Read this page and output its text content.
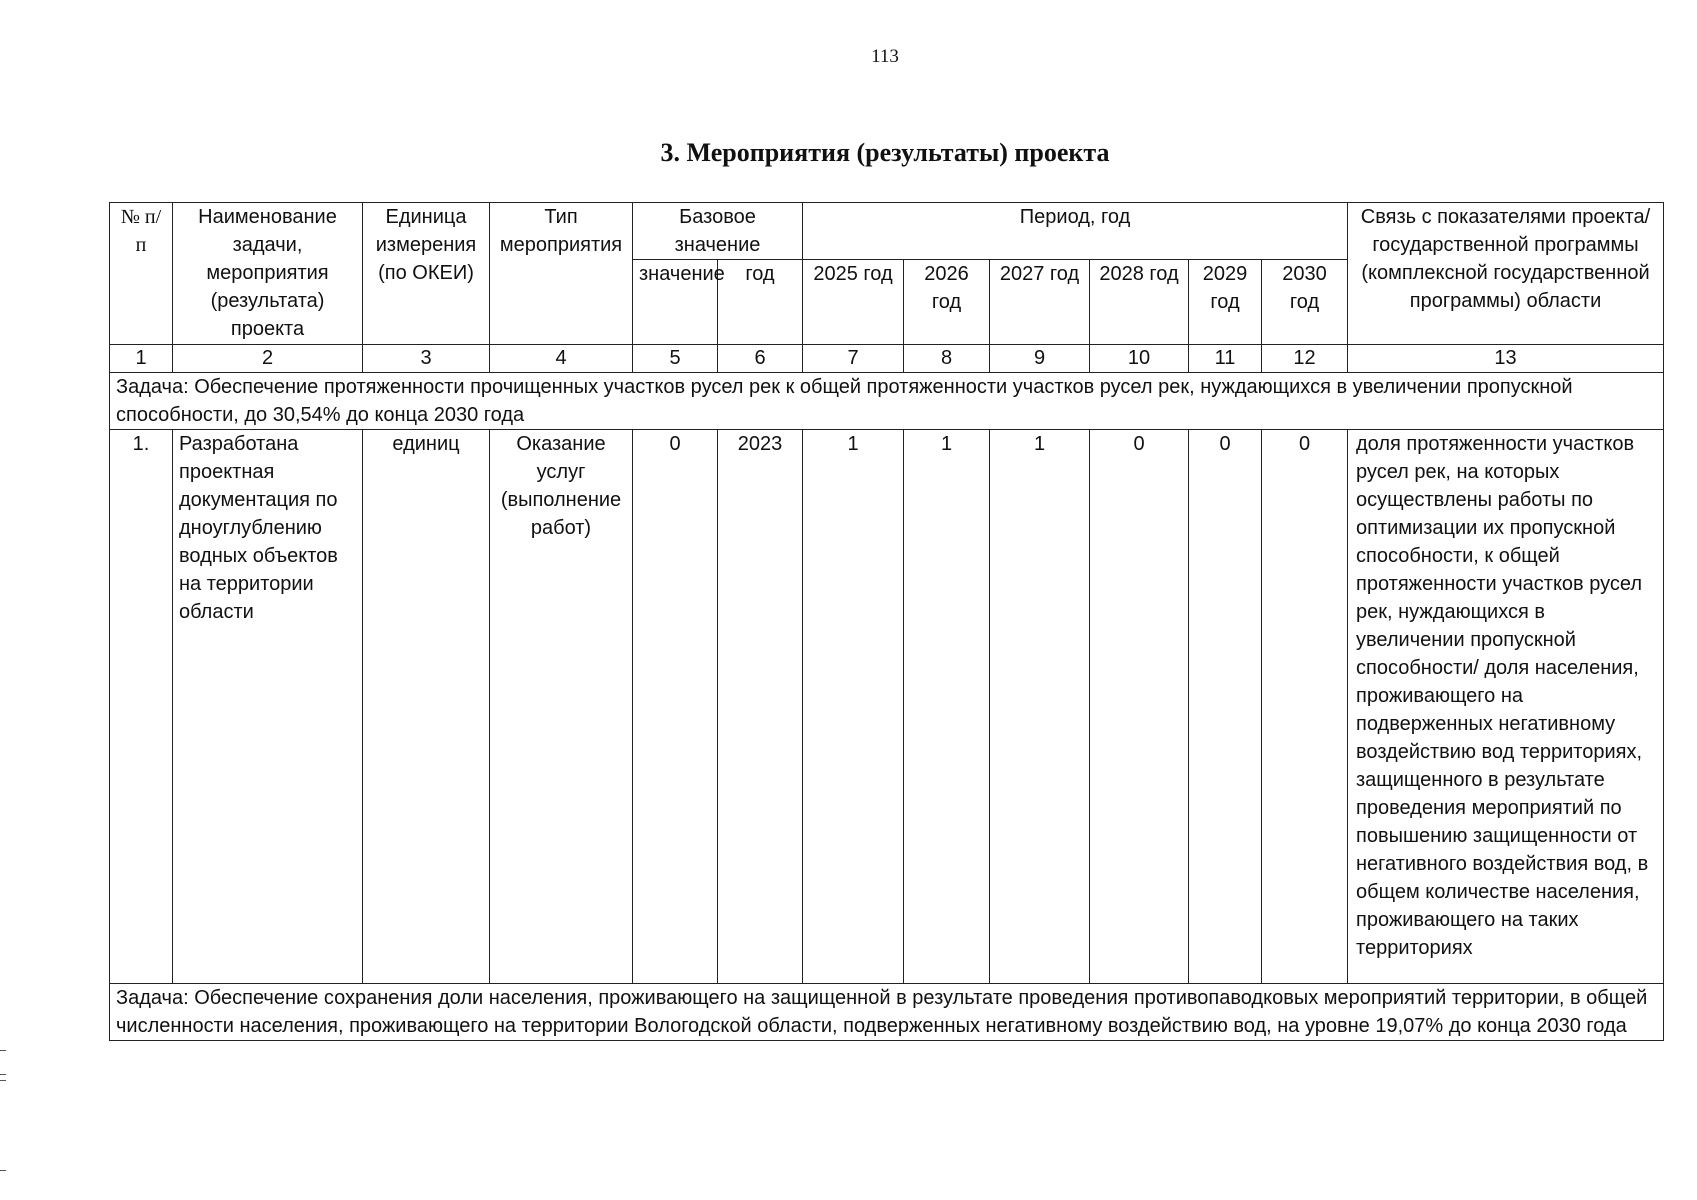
113
3. Мероприятия (результаты) проекта
№ п/п	Наименование задачи, мероприятия (результата) проекта	Единица измерения (по ОКЕИ)	Тип мероприятия	Базовое значение		Период, год						Связь с показателями проекта/государственной программы (комплексной государственной программы) области
				значение	год	2025 год	2026 год	2027 год	2028 год	2029 год	2030 год	
1	2	3	4	5	6	7	8	9	10	11	12	13
Задача: Обеспечение протяженности прочищенных участков русел рек к общей протяженности участков русел рек, нуждающихся в увеличении пропускной способности, до 30,54% до конца 2030 года												
1.	Разработана проектная документация по дноуглублению водных объектов на территории области	единиц	Оказание услуг (выполнение работ)	0	2023	1	1	1	0	0	0	доля протяженности участков русел рек, на которых осуществлены работы по оптимизации их пропускной способности, к общей протяженности участков русел рек, нуждающихся в увеличении пропускной способности/ доля населения, проживающего на подверженных негативному воздействию вод территориях, защищенного в результате проведения мероприятий по повышению защищенности от негативного воздействия вод, в общем количестве населения, проживающего на таких территориях
Задача: Обеспечение сохранения доли населения, проживающего на защищенной в результате проведения противопаводковых мероприятий территории, в общей численности населения, проживающего на территории Вологодской области, подверженных негативному воздействию вод, на уровне 19,07% до конца 2030 года												
